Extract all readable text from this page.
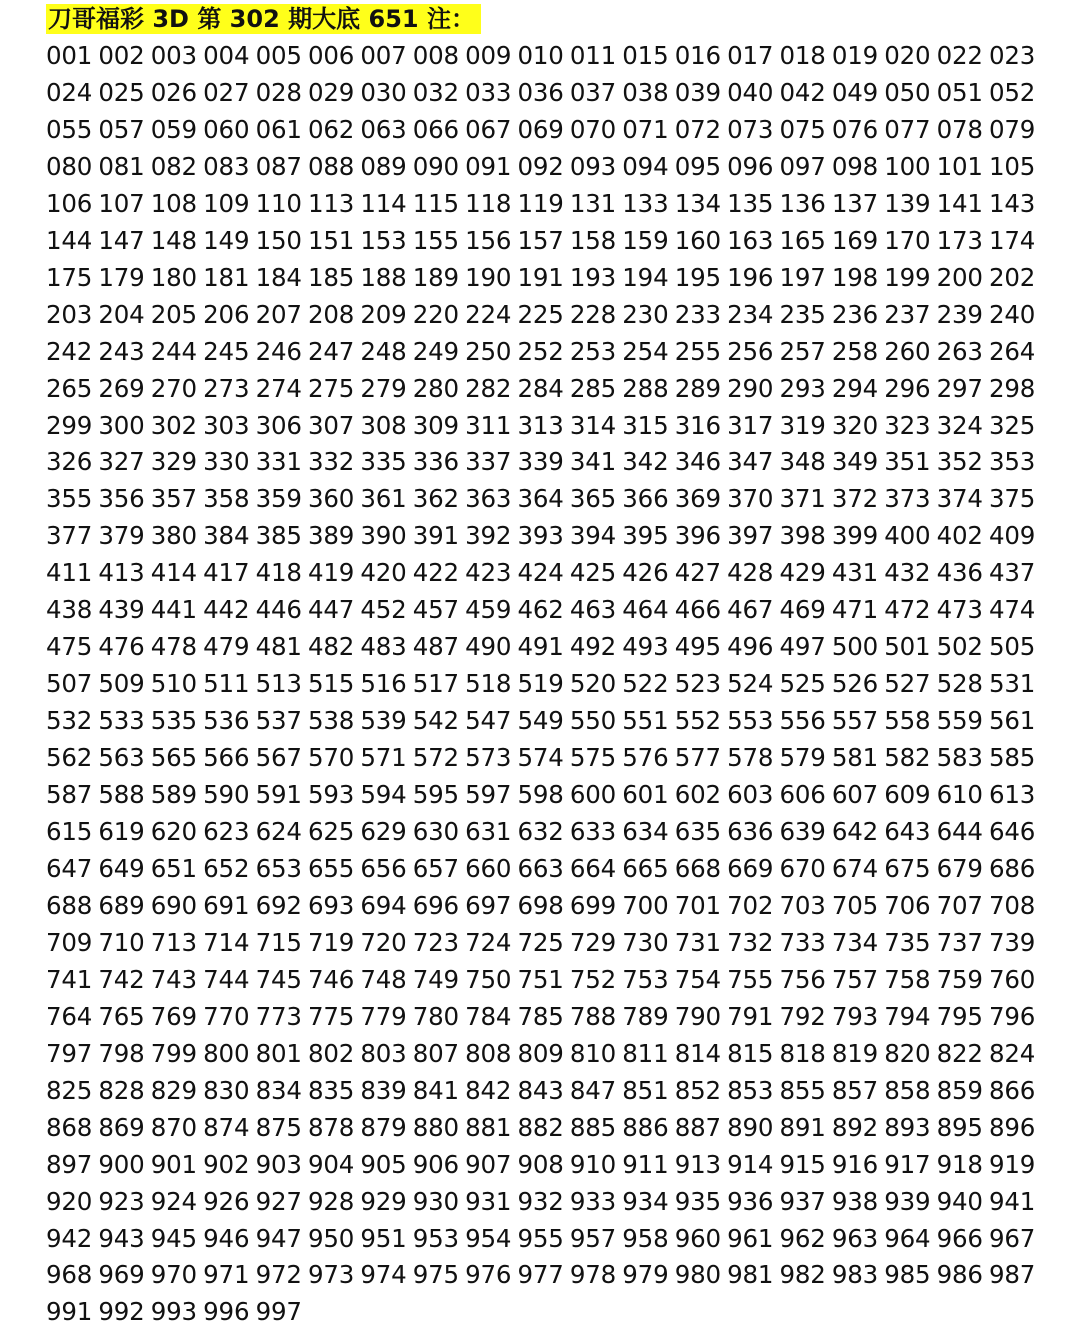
刀哥福彩 3D 第 302 期大底 651 注：
001 002 003 004 005 006 007 008 009 010 011 015 016 017 018 019 020 022 023
024 025 026 027 028 029 030 032 033 036 037 038 039 040 042 049 050 051 052
055 057 059 060 061 062 063 066 067 069 070 071 072 073 075 076 077 078 079
080 081 082 083 087 088 089 090 091 092 093 094 095 096 097 098 100 101 105
106 107 108 109 110 113 114 115 118 119 131 133 134 135 136 137 139 141 143
144 147 148 149 150 151 153 155 156 157 158 159 160 163 165 169 170 173 174
175 179 180 181 184 185 188 189 190 191 193 194 195 196 197 198 199 200 202
203 204 205 206 207 208 209 220 224 225 228 230 233 234 235 236 237 239 240
242 243 244 245 246 247 248 249 250 252 253 254 255 256 257 258 260 263 264
265 269 270 273 274 275 279 280 282 284 285 288 289 290 293 294 296 297 298
299 300 302 303 306 307 308 309 311 313 314 315 316 317 319 320 323 324 325
326 327 329 330 331 332 335 336 337 339 341 342 346 347 348 349 351 352 353
355 356 357 358 359 360 361 362 363 364 365 366 369 370 371 372 373 374 375
377 379 380 384 385 389 390 391 392 393 394 395 396 397 398 399 400 402 409
411 413 414 417 418 419 420 422 423 424 425 426 427 428 429 431 432 436 437
438 439 441 442 446 447 452 457 459 462 463 464 466 467 469 471 472 473 474
475 476 478 479 481 482 483 487 490 491 492 493 495 496 497 500 501 502 505
507 509 510 511 513 515 516 517 518 519 520 522 523 524 525 526 527 528 531
532 533 535 536 537 538 539 542 547 549 550 551 552 553 556 557 558 559 561
562 563 565 566 567 570 571 572 573 574 575 576 577 578 579 581 582 583 585
587 588 589 590 591 593 594 595 597 598 600 601 602 603 606 607 609 610 613
615 619 620 623 624 625 629 630 631 632 633 634 635 636 639 642 643 644 646
647 649 651 652 653 655 656 657 660 663 664 665 668 669 670 674 675 679 686
688 689 690 691 692 693 694 696 697 698 699 700 701 702 703 705 706 707 708
709 710 713 714 715 719 720 723 724 725 729 730 731 732 733 734 735 737 739
741 742 743 744 745 746 748 749 750 751 752 753 754 755 756 757 758 759 760
764 765 769 770 773 775 779 780 784 785 788 789 790 791 792 793 794 795 796
797 798 799 800 801 802 803 807 808 809 810 811 814 815 818 819 820 822 824
825 828 829 830 834 835 839 841 842 843 847 851 852 853 855 857 858 859 866
868 869 870 874 875 878 879 880 881 882 885 886 887 890 891 892 893 895 896
897 900 901 902 903 904 905 906 907 908 910 911 913 914 915 916 917 918 919
920 923 924 926 927 928 929 930 931 932 933 934 935 936 937 938 939 940 941
942 943 945 946 947 950 951 953 954 955 957 958 960 961 962 963 964 966 967
968 969 970 971 972 973 974 975 976 977 978 979 980 981 982 983 985 986 987
991 992 993 996 997
